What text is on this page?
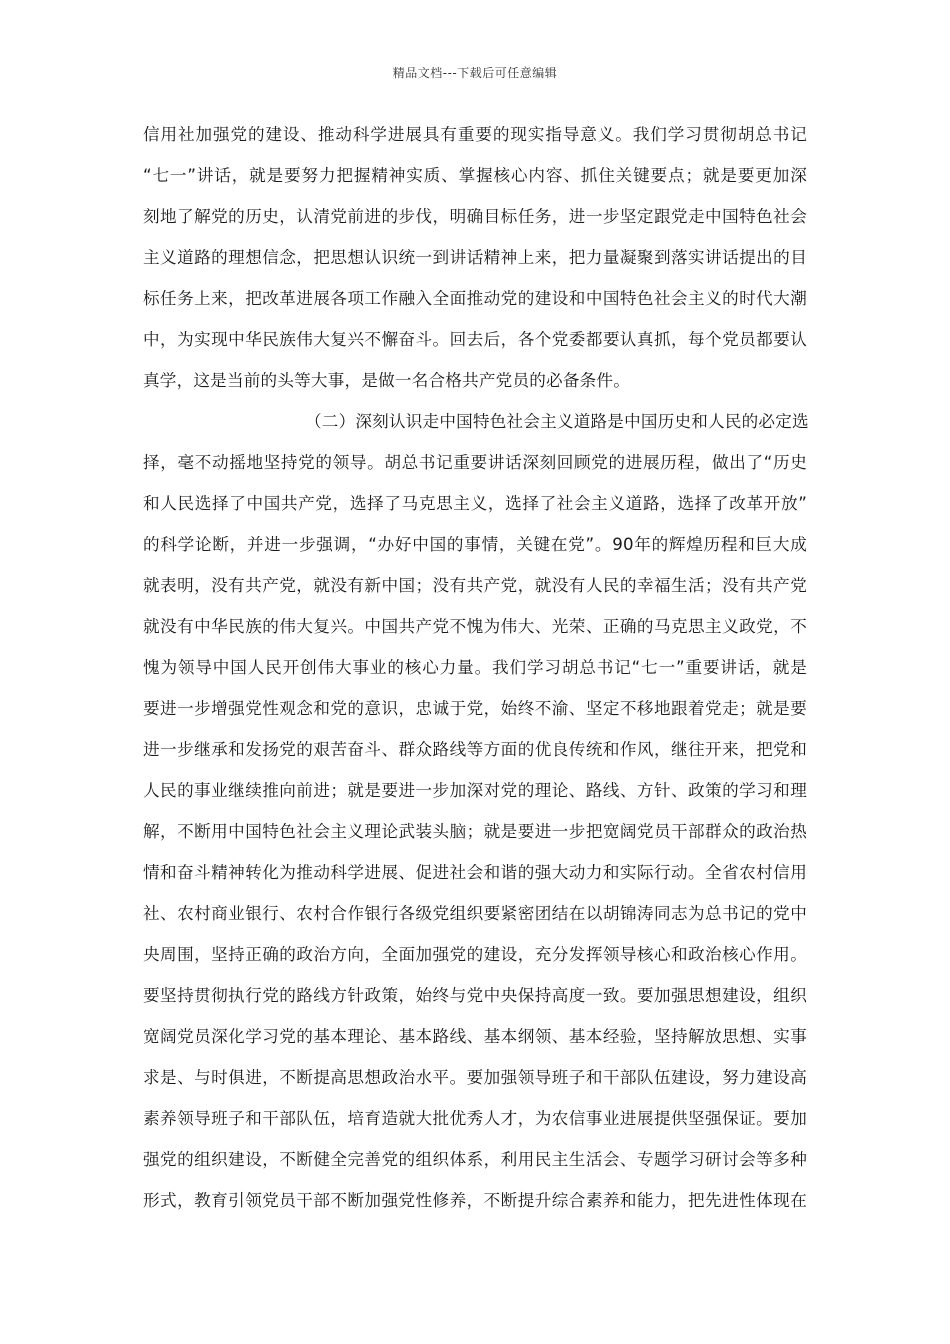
精品文档---下载后可任意编辑
信用社加强党的建设、推动科学进展具有重要的现实指导意义。我们学习贯彻胡总书记
“七一”讲话，就是要努力把握精神实质、掌握核心内容、抓住关键要点；就是要更加深
刻地了解党的历史，认清党前进的步伐，明确目标任务，进一步坚定跟党走中国特色社会
主义道路的理想信念，把思想认识统一到讲话精神上来，把力量凝聚到落实讲话提出的目
标任务上来，把改革进展各项工作融入全面推动党的建设和中国特色社会主义的时代大潮
中，为实现中华民族伟大复兴不懈奋斗。回去后，各个党委都要认真抓，每个党员都要认
真学，这是当前的头等大事，是做一名合格共产党员的必备条件。
（二）深刻认识走中国特色社会主义道路是中国历史和人民的必定选
择，毫不动摇地坚持党的领导。胡总书记重要讲话深刻回顾党的进展历程，做出了“历史
和人民选择了中国共产党，选择了马克思主义，选择了社会主义道路，选择了改革开放”
的科学论断，并进一步强调，“办好中国的事情，关键在党”。90年的辉煌历程和巨大成
就表明，没有共产党，就没有新中国；没有共产党，就没有人民的幸福生活；没有共产党
就没有中华民族的伟大复兴。中国共产党不愧为伟大、光荣、正确的马克思主义政党，不
愧为领导中国人民开创伟大事业的核心力量。我们学习胡总书记“七一”重要讲话，就是
要进一步增强党性观念和党的意识，忠诚于党，始终不渝、坚定不移地跟着党走；就是要
进一步继承和发扬党的艰苦奋斗、群众路线等方面的优良传统和作风，继往开来，把党和
人民的事业继续推向前进；就是要进一步加深对党的理论、路线、方针、政策的学习和理
解，不断用中国特色社会主义理论武装头脑；就是要进一步把宽阔党员干部群众的政治热
情和奋斗精神转化为推动科学进展、促进社会和谐的强大动力和实际行动。全省农村信用
社、农村商业银行、农村合作银行各级党组织要紧密团结在以胡锦涛同志为总书记的党中
央周围，坚持正确的政治方向，全面加强党的建设，充分发挥领导核心和政治核心作用。
要坚持贯彻执行党的路线方针政策，始终与党中央保持高度一致。要加强思想建设，组织
宽阔党员深化学习党的基本理论、基本路线、基本纲领、基本经验，坚持解放思想、实事
求是、与时俱进，不断提高思想政治水平。要加强领导班子和干部队伍建设，努力建设高
素养领导班子和干部队伍，培育造就大批优秀人才，为农信事业进展提供坚强保证。要加
强党的组织建设，不断健全完善党的组织体系，利用民主生活会、专题学习研讨会等多种
形式，教育引领党员干部不断加强党性修养，不断提升综合素养和能力，把先进性体现在
